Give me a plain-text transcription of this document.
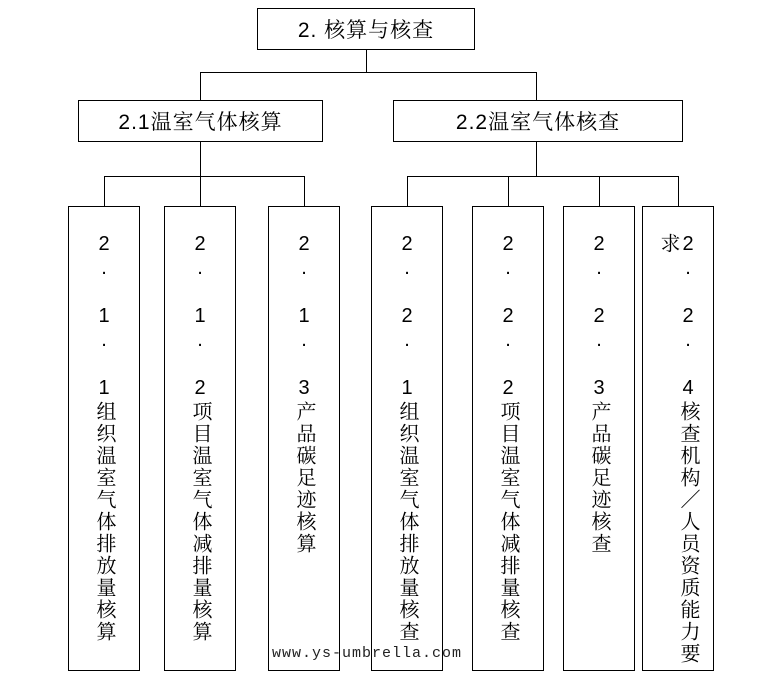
2. 核算与核查
2.1温室气体核算	2.2温室气体核查
2. 1. 1组织温室气体排放量核算	2. 1. 2项目温室气体减排量核算	2. 1. 3产品碳足迹核算	2. 2. 1组织温室气体排放量核查	2. 2. 2项目温室气体减排量核查	2. 2. 3产品碳足迹核查	2. 2. 4核查机构／人员资质能力要求
www.ys-umbrella.com
